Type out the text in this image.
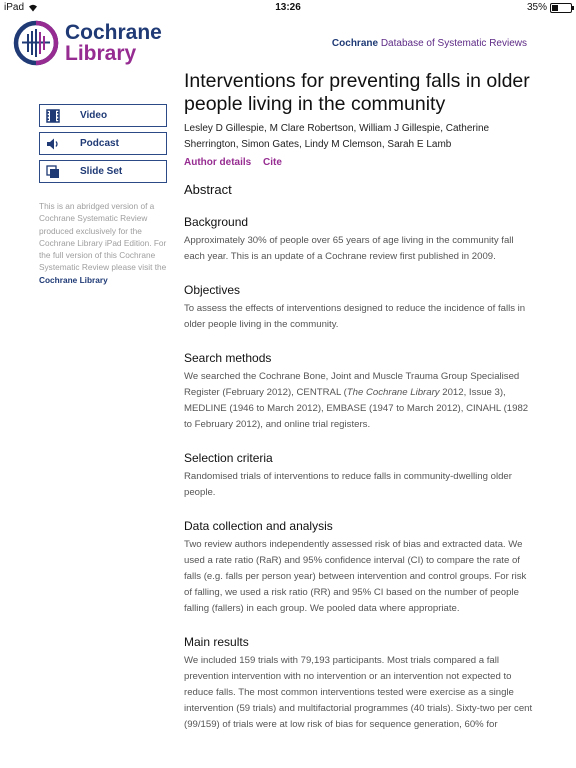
iPad	13:26	35%
Cochrane
Library	Cochrane Database of Systematic Reviews
Video
Podcast
Slide Set
This is an abridged version of a Cochrane Systematic Review produced exclusively for the Cochrane Library iPad Edition. For the full version of this Cochrane Systematic Review please visit the Cochrane Library
Interventions for preventing falls in older people living in the community
Lesley D Gillespie, M Clare Robertson, William J Gillespie, Catherine Sherrington, Simon Gates, Lindy M Clemson, Sarah E Lamb
Author details Cite
Abstract
Background

Approximately 30% of people over 65 years of age living in the community fall each year. This is an update of a Cochrane review first published in 2009.

Objectives

To assess the effects of interventions designed to reduce the incidence of falls in older people living in the community.

Search methods

We searched the Cochrane Bone, Joint and Muscle Trauma Group Specialised Register (February 2012), CENTRAL (The Cochrane Library 2012, Issue 3), MEDLINE (1946 to March 2012), EMBASE (1947 to March 2012), CINAHL (1982 to February 2012), and online trial registers.

Selection criteria

Randomised trials of interventions to reduce falls in community-dwelling older people.

Data collection and analysis

Two review authors independently assessed risk of bias and extracted data. We used a rate ratio (RaR) and 95% confidence interval (CI) to compare the rate of falls (e.g. falls per person year) between intervention and control groups. For risk of falling, we used a risk ratio (RR) and 95% CI based on the number of people falling (fallers) in each group. We pooled data where appropriate.

Main results

We included 159 trials with 79,193 participants. Most trials compared a fall prevention intervention with no intervention or an intervention not expected to reduce falls. The most common interventions tested were exercise as a single intervention (59 trials) and multifactorial programmes (40 trials). Sixty-two per cent (99/159) of trials were at low risk of bias for sequence generation, 60% for
